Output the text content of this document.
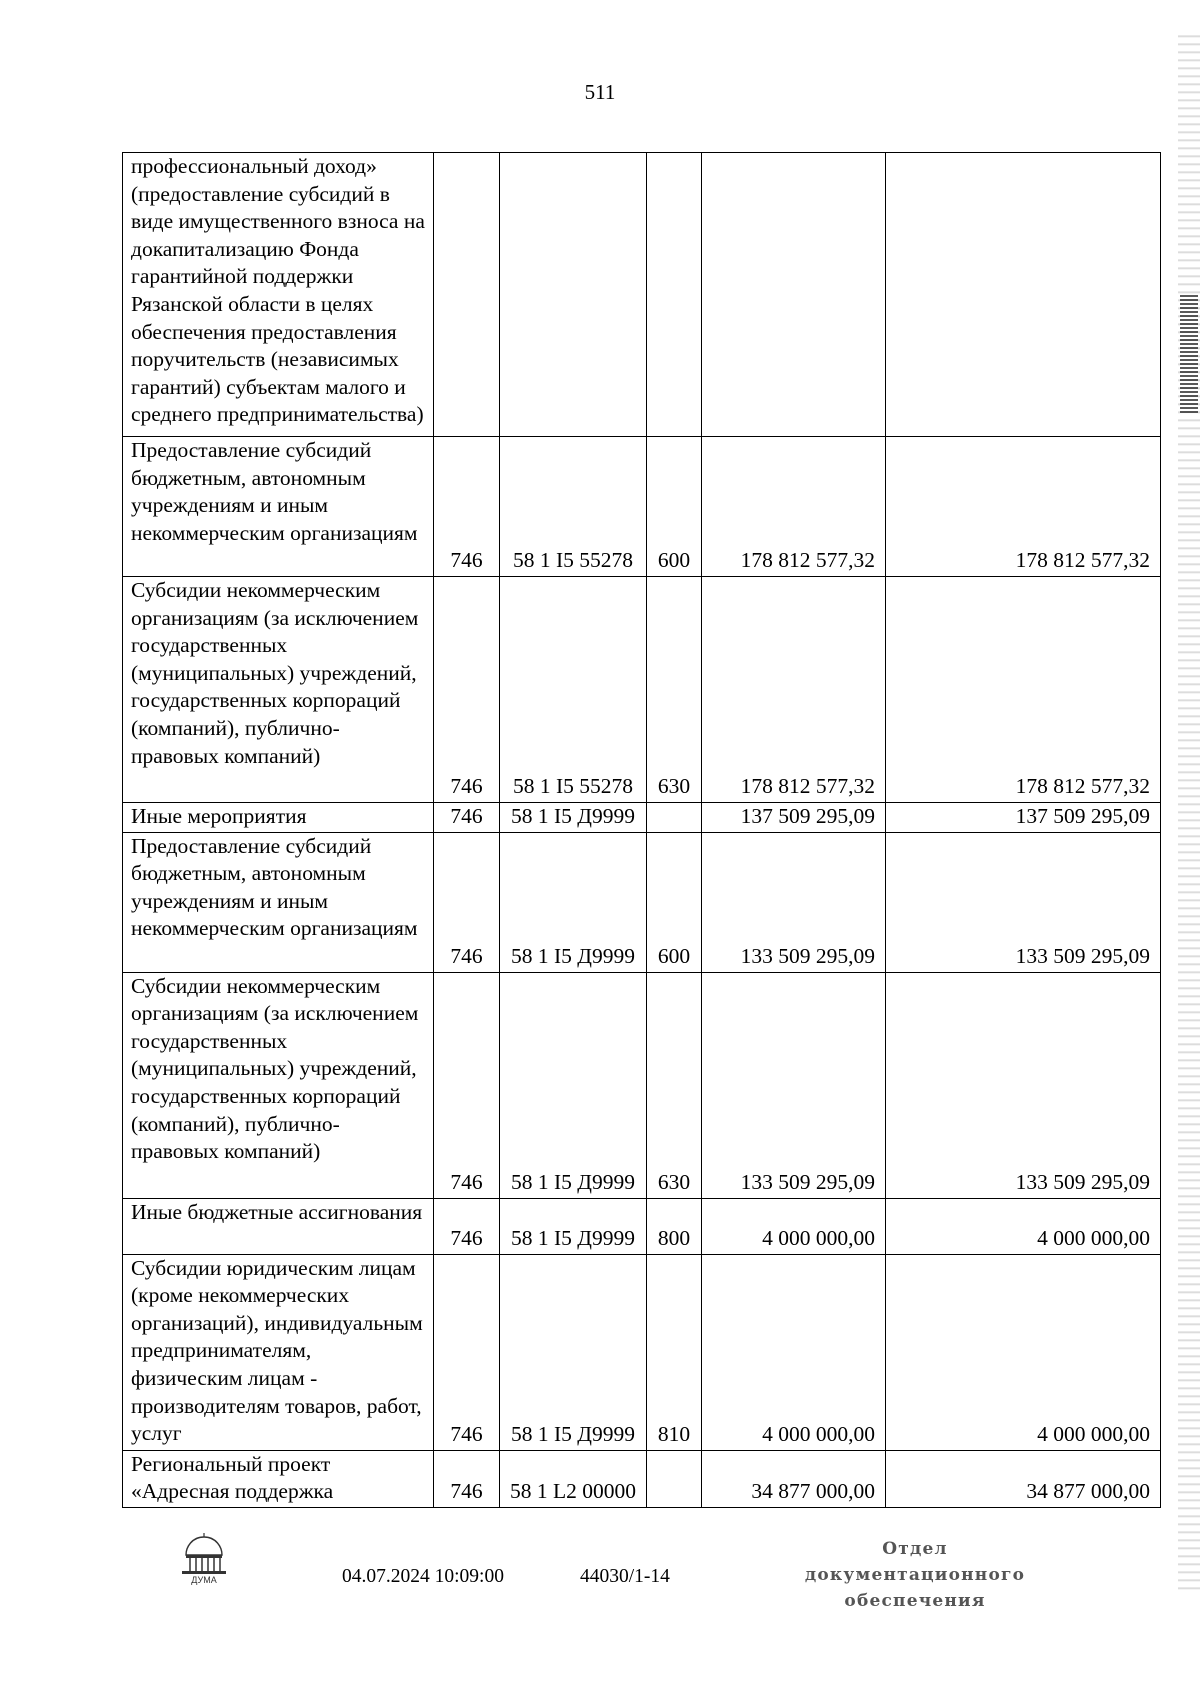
511
профессиональный доход» (предоставление субсидий в виде имущественного взноса на докапитализацию Фонда гарантийной поддержки Рязанской области в целях обеспечения предоставления поручительств (независимых гарантий) субъектам малого и среднего предпринимательства)					
Предоставление субсидий бюджетным, автономным учреждениям и иным некоммерческим организациям	746	58 1 I5 55278	600	178 812 577,32	178 812 577,32
Субсидии некоммерческим организациям (за исключением государственных (муниципальных) учреждений, государственных корпораций (компаний), публично-правовых компаний)	746	58 1 I5 55278	630	178 812 577,32	178 812 577,32
Иные мероприятия	746	58 1 I5 Д9999		137 509 295,09	137 509 295,09
Предоставление субсидий бюджетным, автономным учреждениям и иным некоммерческим организациям	746	58 1 I5 Д9999	600	133 509 295,09	133 509 295,09
Субсидии некоммерческим организациям (за исключением государственных (муниципальных) учреждений, государственных корпораций (компаний), публично-правовых компаний)	746	58 1 I5 Д9999	630	133 509 295,09	133 509 295,09
Иные бюджетные ассигнования	746	58 1 I5 Д9999	800	4 000 000,00	4 000 000,00
Субсидии юридическим лицам (кроме некоммерческих организаций), индивидуальным предпринимателям, физическим лицам - производителям товаров, работ, услуг	746	58 1 I5 Д9999	810	4 000 000,00	4 000 000,00
Региональный проект «Адресная поддержка	746	58 1 L2 00000		34 877 000,00	34 877 000,00
ДУМА	04.07.2024 10:09:00	44030/1-14
Отдел документационного
обеспечения
